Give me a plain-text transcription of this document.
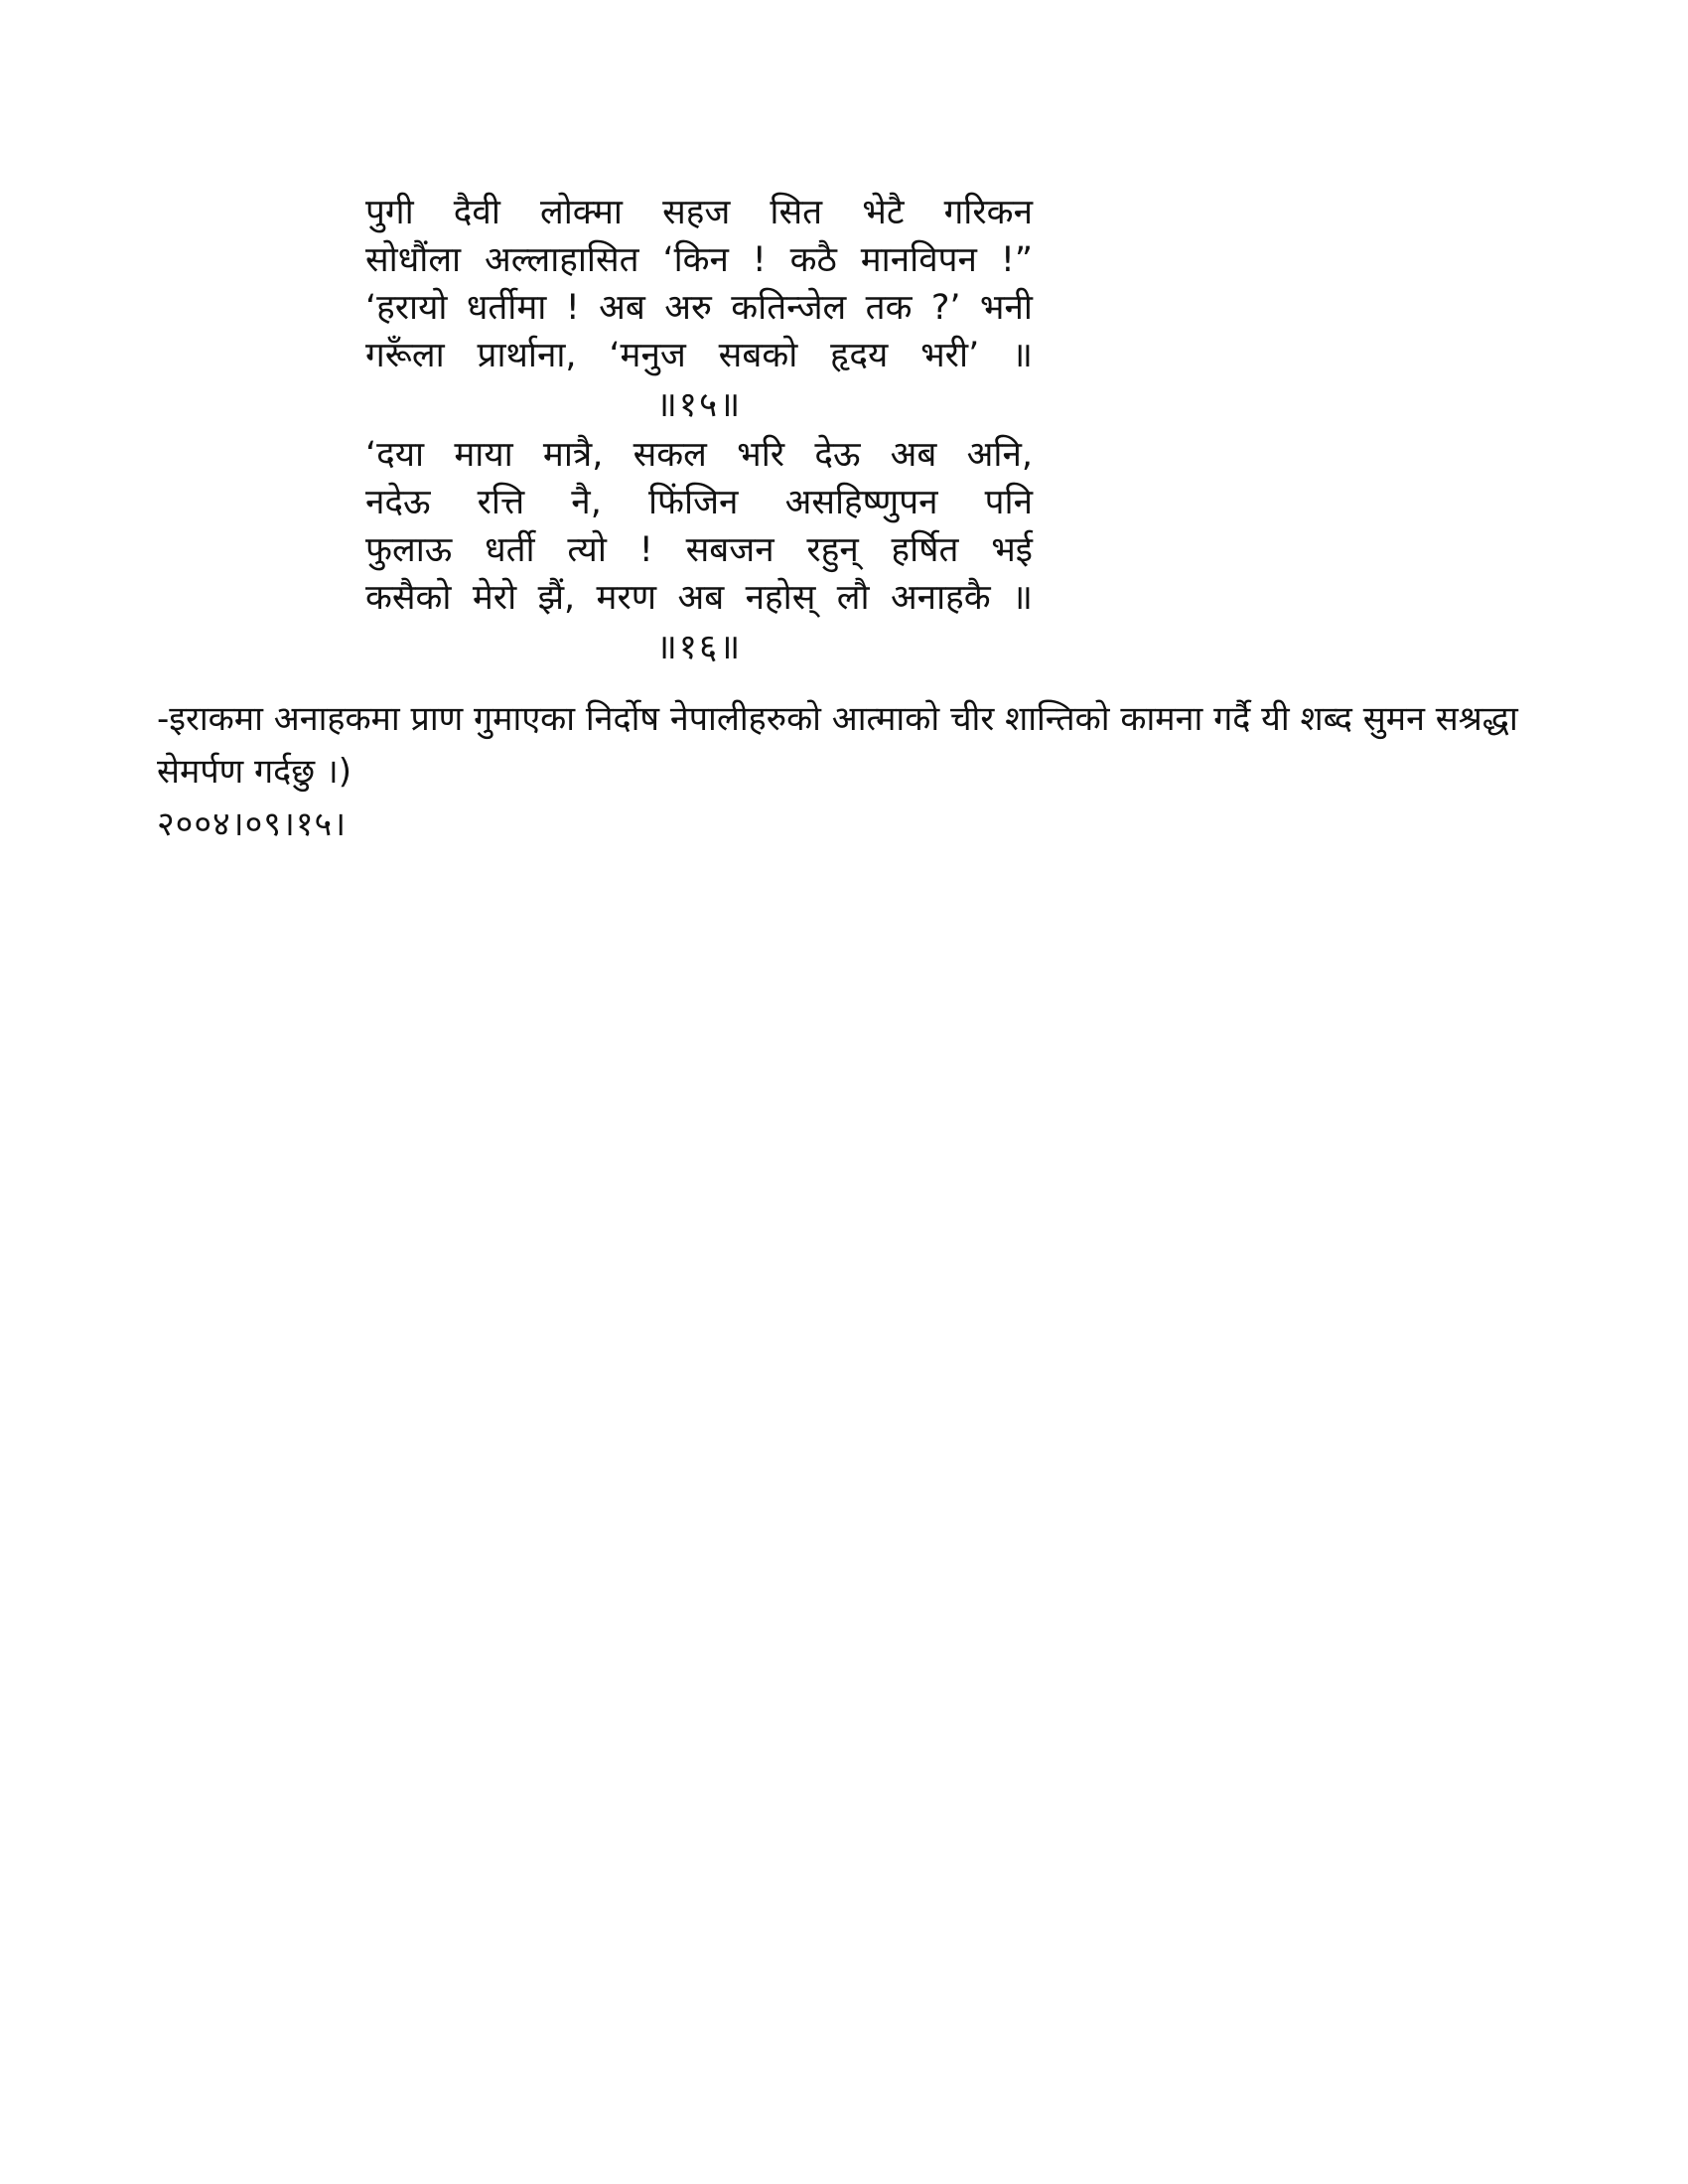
पुगी दैवी लोक्मा सहज सित भेटै गरिकन
सोधौंला अल्लाहासित ‘किन ! कठै मानविपन !”
‘हरायो धर्तीमा ! अब अरु कतिन्जेल तक ?’ भनी
गरूँला प्रार्थाना, ‘मनुज सबको हृदय भरी’ ॥
॥१५॥
‘दया माया मात्रै, सकल भरि देऊ अब अनि,
नदेऊ रत्ति नै, फिंजिन असहिष्णुपन पनि
फुलाऊ धर्ती त्यो ! सबजन रहुन् हर्षित भई
कसैको मेरो झैं, मरण अब नहोस् लौ अनाहकै ॥
॥१६॥
-इराकमा अनाहकमा प्राण गुमाएका निर्दोष नेपालीहरुको आत्माको चीर शान्तिको कामना गर्दै यी शब्द सुमन सश्रद्धा
सेमर्पण गर्दछु ।)
२००४।०९।१५।
